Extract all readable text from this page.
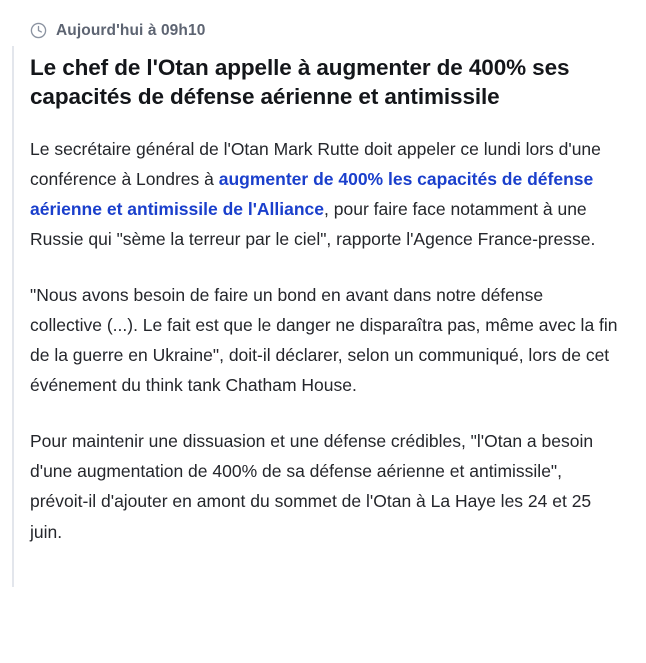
Aujourd'hui à 09h10
Le chef de l'Otan appelle à augmenter de 400% ses capacités de défense aérienne et antimissile

Le secrétaire général de l'Otan Mark Rutte doit appeler ce lundi lors d'une conférence à Londres à augmenter de 400% les capacités de défense aérienne et antimissile de l'Alliance, pour faire face notamment à une Russie qui "sème la terreur par le ciel", rapporte l'Agence France-presse.

"Nous avons besoin de faire un bond en avant dans notre défense collective (...). Le fait est que le danger ne disparaîtra pas, même avec la fin de la guerre en Ukraine", doit-il déclarer, selon un communiqué, lors de cet événement du think tank Chatham House.

Pour maintenir une dissuasion et une défense crédibles, "l'Otan a besoin d'une augmentation de 400% de sa défense aérienne et antimissile", prévoit-il d'ajouter en amont du sommet de l'Otan à La Haye les 24 et 25 juin.
